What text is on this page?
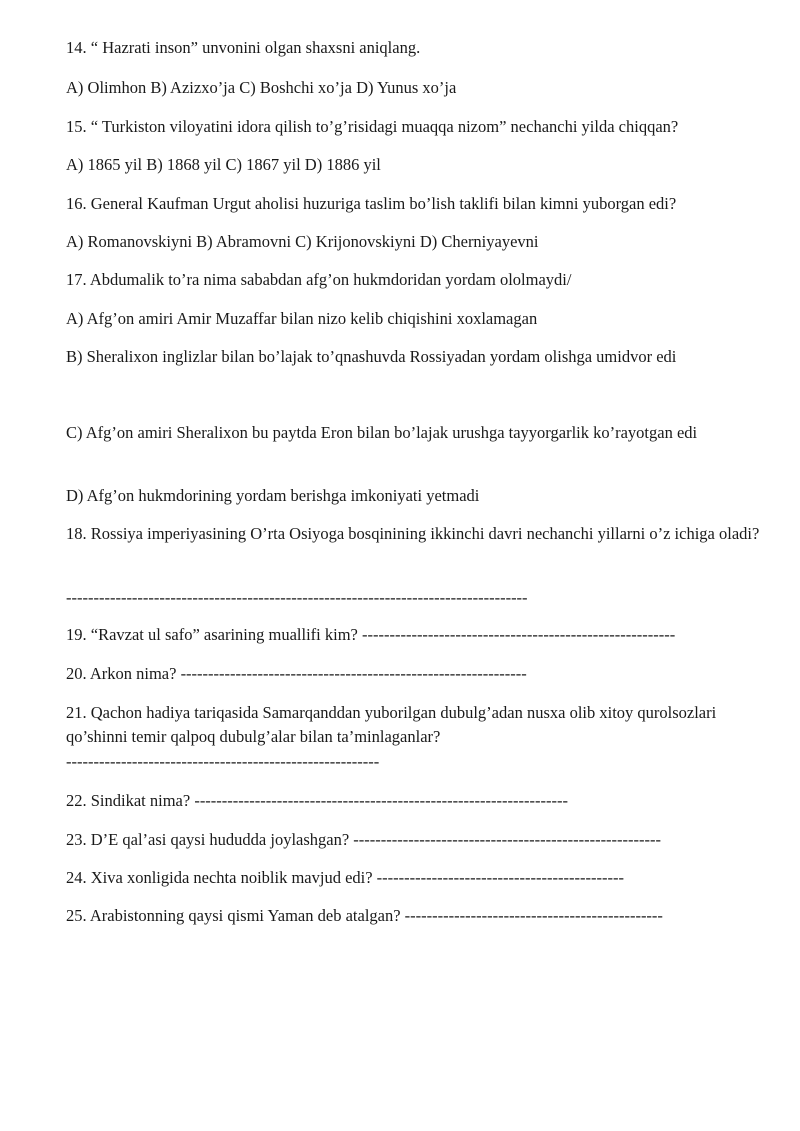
14. “ Hazrati inson” unvonini olgan shaxsni aniqlang.
A) Olimhon B) Azizxo’ja C) Boshchi xo’ja D) Yunus xo’ja
15. “ Turkiston viloyatini idora qilish to’g’risidagi muaqqa nizom” nechanchi yilda chiqqan?
A) 1865 yil B) 1868 yil C) 1867 yil D) 1886 yil
16. General Kaufman Urgut aholisi huzuriga taslim bo’lish taklifi bilan kimni yuborgan edi?
A) Romanovskiyni B) Abramovni C) Krijonovskiyni D) Cherniyayevni
17. Abdumalik to’ra nima sababdan afg’on hukmdoridan yordam ololmaydi/
A) Afg’on amiri Amir Muzaffar bilan nizo kelib chiqishini xoxlamagan
B) Sheralixon inglizlar bilan bo’lajak to’qnashuvda Rossiyadan yordam olishga umidvor edi
C) Afg’on amiri Sheralixon bu paytda Eron bilan bo’lajak urushga tayyorgarlik ko’rayotgan edi
D) Afg’on hukmdorining yordam berishga imkoniyati yetmadi
18. Rossiya imperiyasining O’rta Osiyoga bosqinining ikkinchi davri nechanchi yillarni o’z ichiga oladi?
------------------------------------------------------------------------------------
19. “Ravzat ul safo” asarining muallifi kim? ---------------------------------------------------------
20. Arkon nima? ---------------------------------------------------------------
21. Qachon hadiya tariqasida Samarqanddan yuborilgan dubulg’adan nusxa olib xitoy qurolsozlari qo’shinni temir qalpoq dubulg’alar bilan ta’minlaganlar?
---------------------------------------------------------
22. Sindikat nima? --------------------------------------------------------------------
23. D’E qal’asi qaysi hududda joylashgan? --------------------------------------------------------
24. Xiva xonligida nechta noiblik mavjud edi? ---------------------------------------------
25. Arabistonning qaysi qismi Yaman deb atalgan? -----------------------------------------------
